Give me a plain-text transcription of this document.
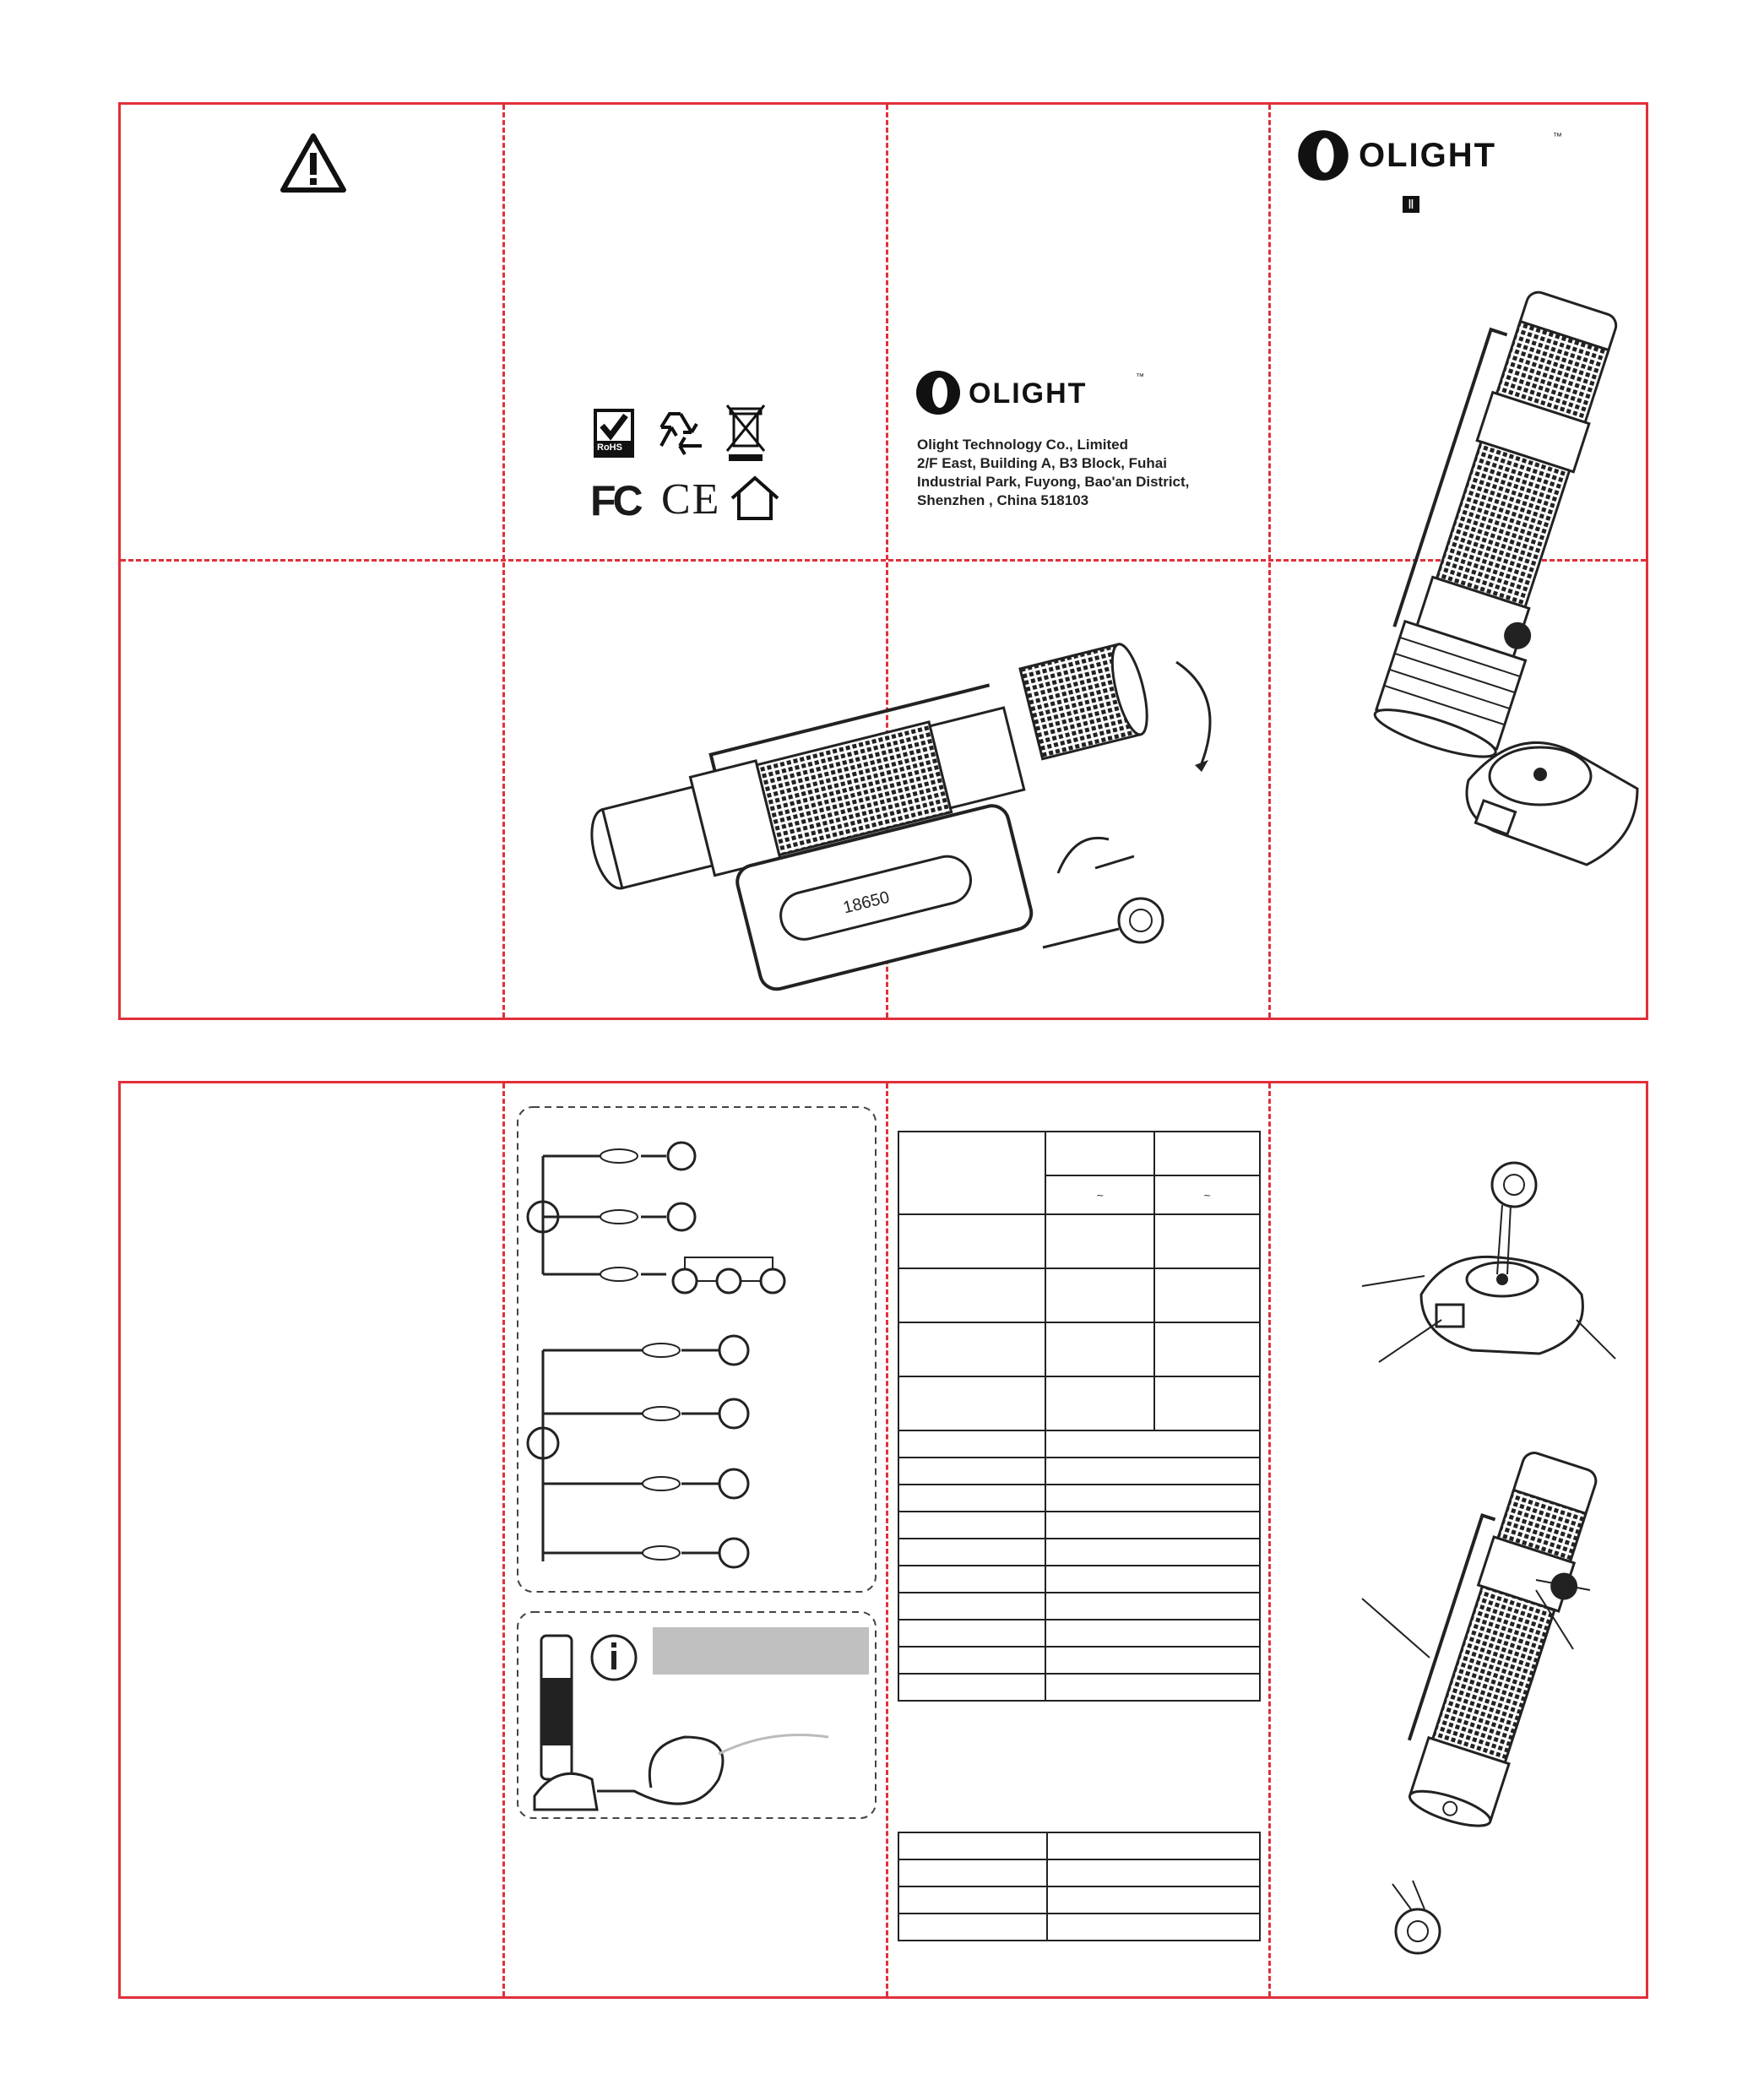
RoHS
FC CE
OLIGHT
™
Olight Technology Co., Limited
2/F East, Building A, B3 Block, Fuhai
Industrial Park, Fuyong, Bao'an District,
Shenzhen , China 518103
OLIGHT	™
Ⅱ
18650

	~	~
